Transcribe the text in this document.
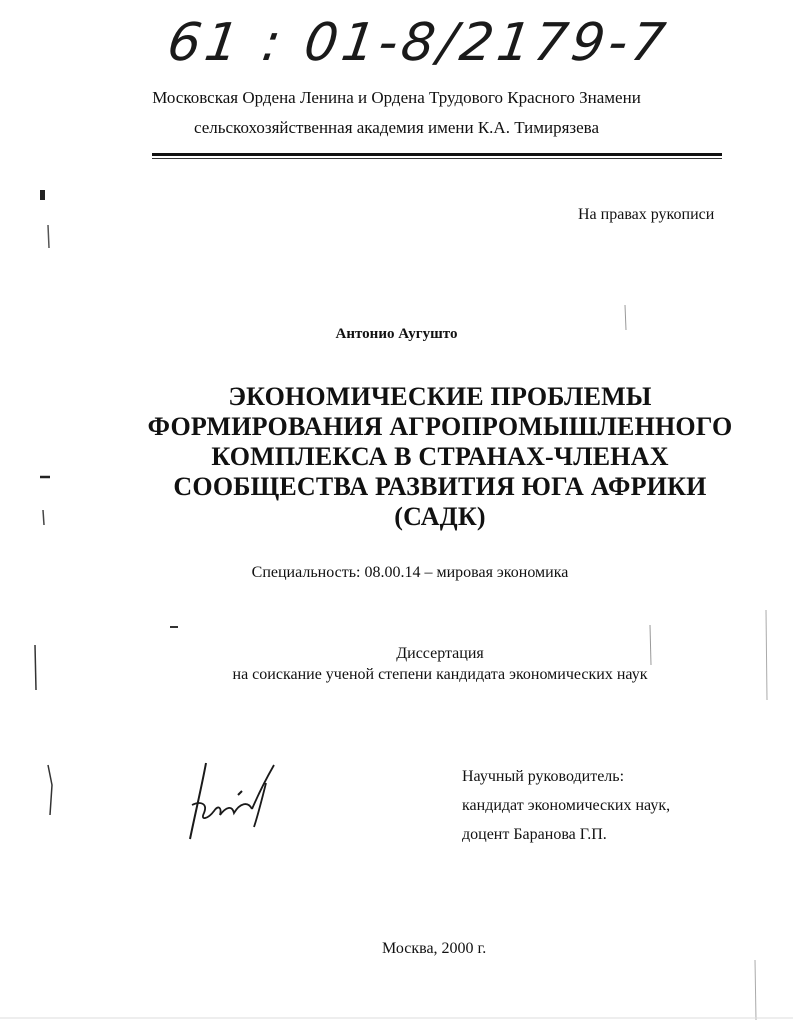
61 : 01-8/2179-7
Московская Ордена Ленина и Ордена Трудового Красного Знамени
сельскохозяйственная академия имени К.А. Тимирязева
На правах рукописи
Антонио Аугушто
ЭКОНОМИЧЕСКИЕ ПРОБЛЕМЫ
ФОРМИРОВАНИЯ АГРОПРОМЫШЛЕННОГО
КОМПЛЕКСА В СТРАНАХ-ЧЛЕНАХ
СООБЩЕСТВА РАЗВИТИЯ ЮГА АФРИКИ
(САДК)
Специальность: 08.00.14 – мировая экономика
Диссертация
на соискание ученой степени кандидата экономических наук
Научный руководитель:
кандидат экономических наук,
доцент Баранова Г.П.
Москва, 2000 г.
